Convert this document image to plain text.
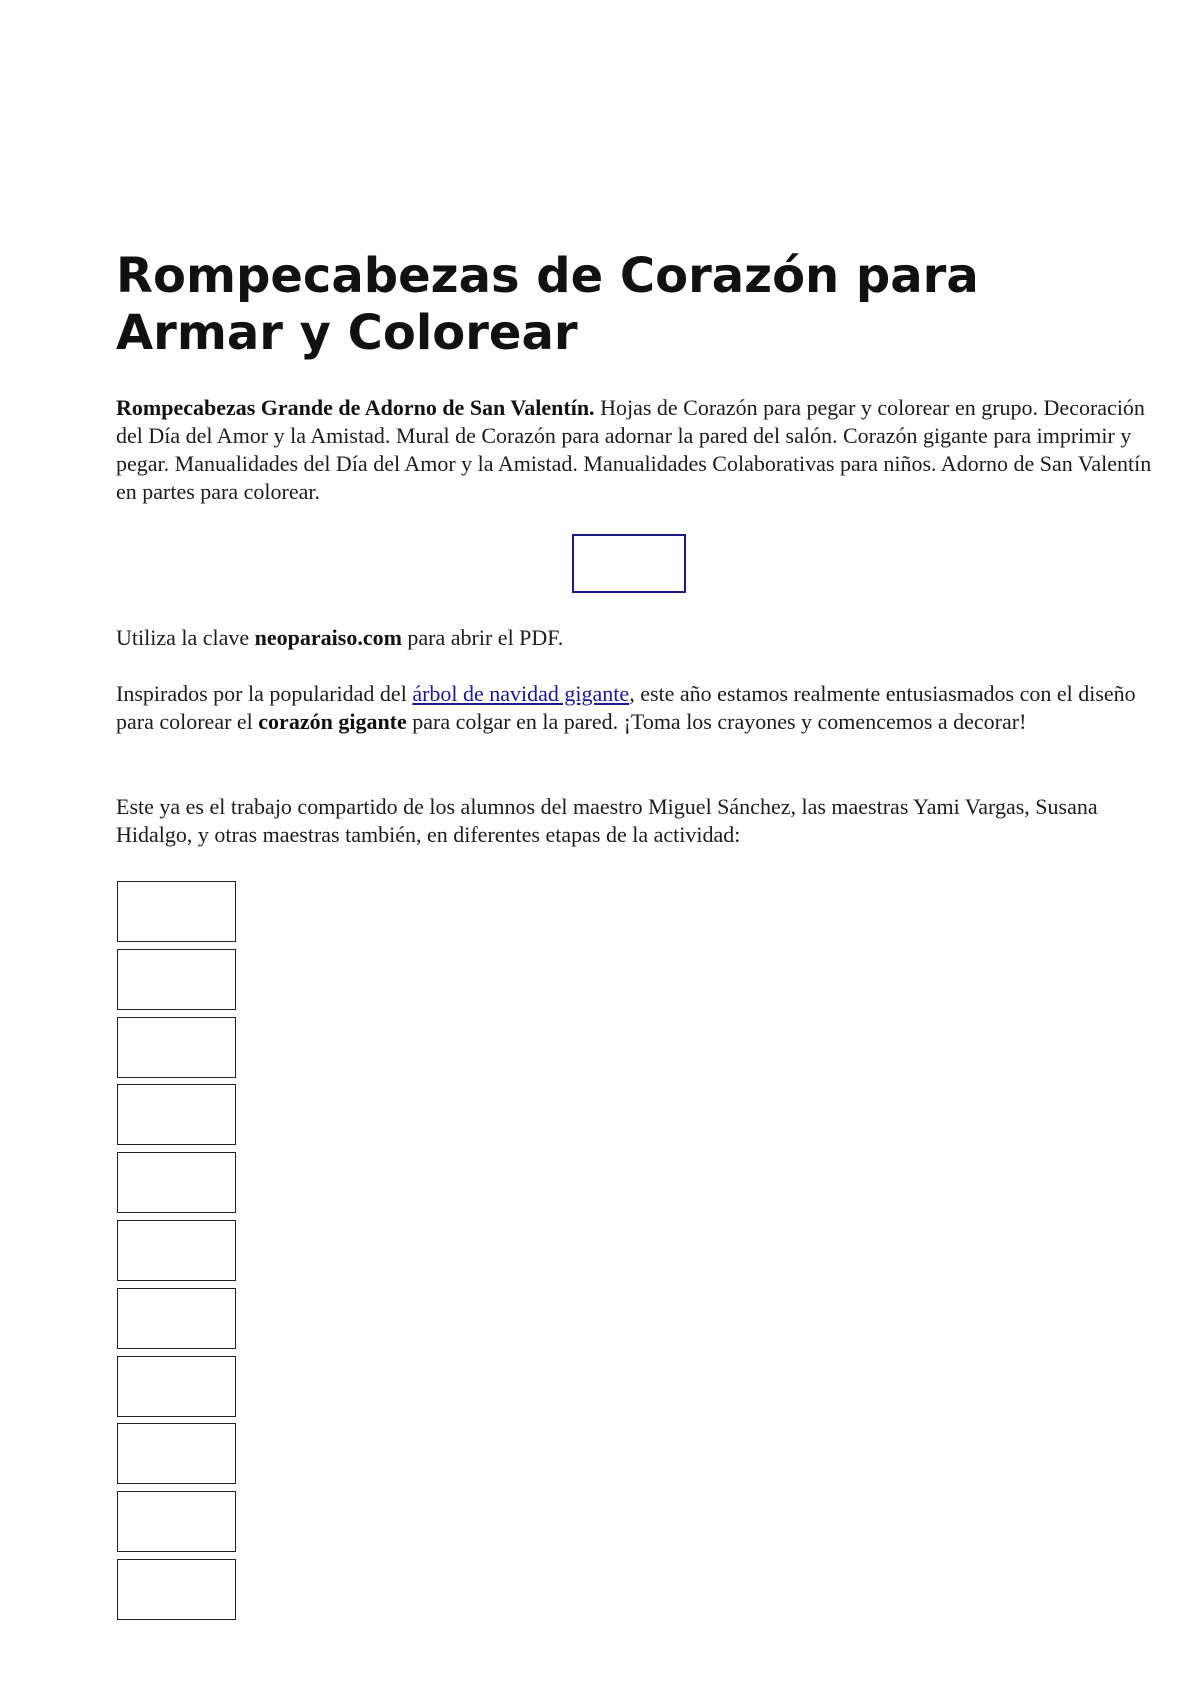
Rompecabezas de Corazón para Armar y Colorear

Rompecabezas Grande de Adorno de San Valentín. Hojas de Corazón para pegar y colorear en grupo. Decoración del Día del Amor y la Amistad. Mural de Corazón para adornar la pared del salón. Corazón gigante para imprimir y pegar. Manualidades del Día del Amor y la Amistad. Manualidades Colaborativas para niños. Adorno de San Valentín en partes para colorear.

Utiliza la clave neoparaiso.com para abrir el PDF.

Inspirados por la popularidad del árbol de navidad gigante, este año estamos realmente entusiasmados con el diseño para colorear el corazón gigante para colgar en la pared. ¡Toma los crayones y comencemos a decorar!

Este ya es el trabajo compartido de los alumnos del maestro Miguel Sánchez, las maestras Yami Vargas, Susana Hidalgo, y otras maestras también, en diferentes etapas de la actividad:
